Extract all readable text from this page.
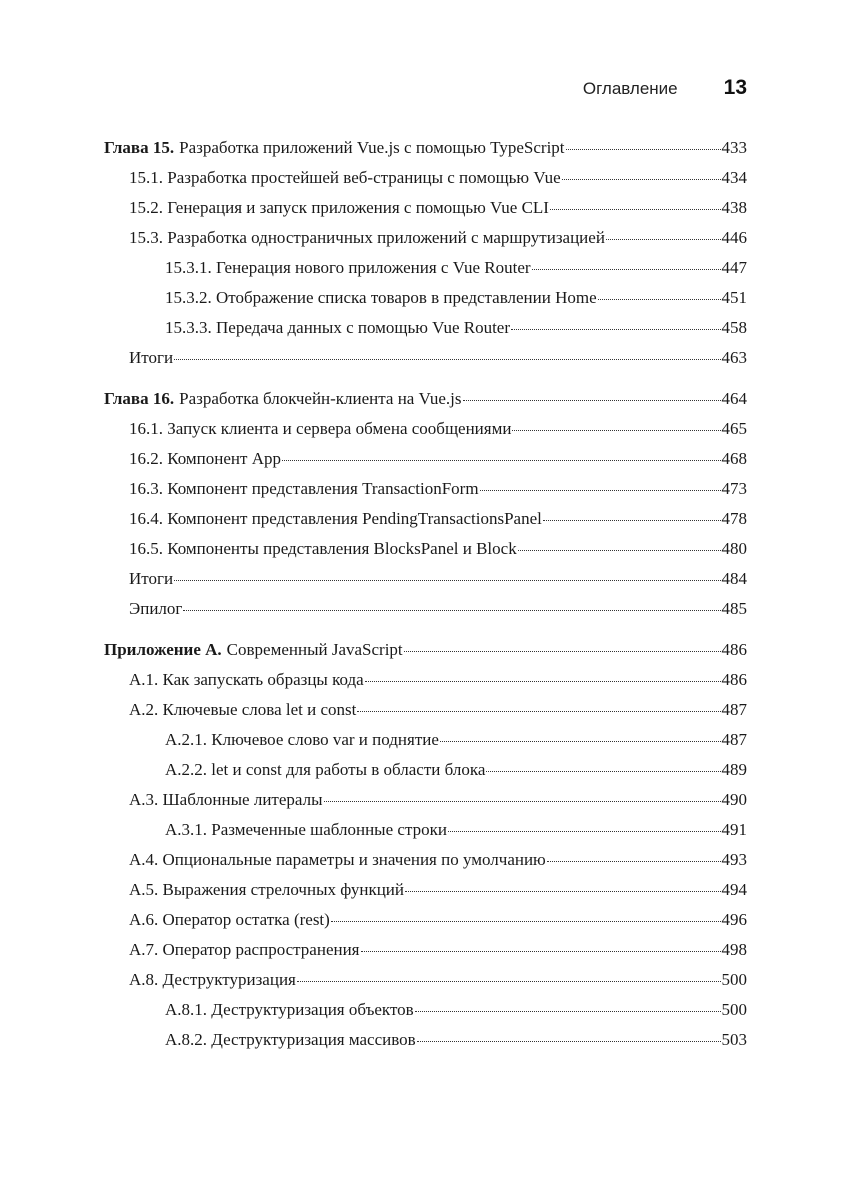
Оглавление 13
Глава 15. Разработка приложений Vue.js с помощью TypeScript	433
15.1. Разработка простейшей веб-страницы с помощью Vue	434
15.2. Генерация и запуск приложения с помощью Vue CLI	438
15.3. Разработка одностраничных приложений с маршрутизацией	446
15.3.1. Генерация нового приложения с Vue Router	447
15.3.2. Отображение списка товаров в представлении Home	451
15.3.3. Передача данных с помощью Vue Router	458
Итоги	463
Глава 16. Разработка блокчейн-клиента на Vue.js	464
16.1. Запуск клиента и сервера обмена сообщениями	465
16.2. Компонент App	468
16.3. Компонент представления TransactionForm	473
16.4. Компонент представления PendingTransactionsPanel	478
16.5. Компоненты представления BlocksPanel и Block	480
Итоги	484
Эпилог	485
Приложение А. Современный JavaScript	486
А.1. Как запускать образцы кода	486
А.2. Ключевые слова let и const	487
А.2.1. Ключевое слово var и поднятие	487
А.2.2. let и const для работы в области блока	489
А.3. Шаблонные литералы	490
А.3.1. Размеченные шаблонные строки	491
А.4. Опциональные параметры и значения по умолчанию	493
А.5. Выражения стрелочных функций	494
А.6. Оператор остатка (rest)	496
А.7. Оператор распространения	498
А.8. Деструктуризация	500
А.8.1. Деструктуризация объектов	500
А.8.2. Деструктуризация массивов	503
